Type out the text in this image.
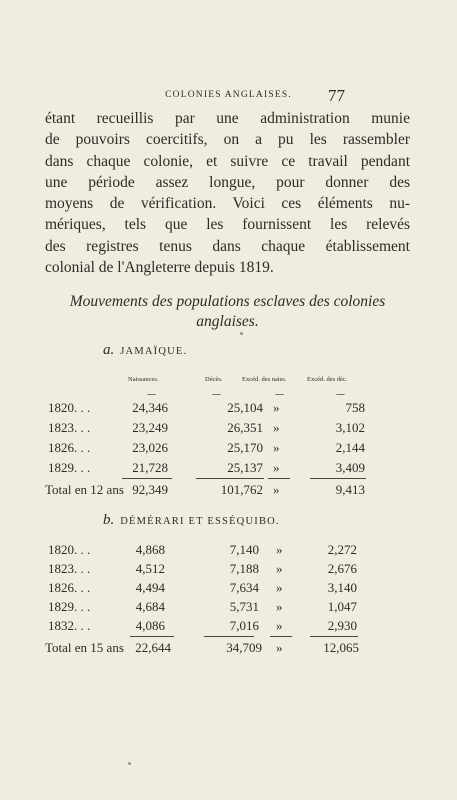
COLONIES ANGLAISES.	77
étant recueillis par une administration munie
de pouvoirs coercitifs, on a pu les rassembler
dans chaque colonie, et suivre ce travail pendant
une période assez longue, pour donner des
moyens de vérification. Voici ces éléments nu-
mériques, tels que les fournissent les relevés
des registres tenus dans chaque établissement
colonial de l'Angleterre depuis 1819.
Mouvements des populations esclaves des colonies
anglaises.
a. JAMAÏQUE.
Naissances.	Décès.	Excéd. des naiss.	Excéd. des déc.
—	—	—	—
1820. . .	24,346	25,104 »	758
1823. . .	23,249	26,351 »	3,102
1826. . .	23,026	25,170 »	2,144
1829. . .	21,728	25,137 »	3,409
Total en 12 ans 92,349	101,762 »	9,413
b. DÉMÉRARI ET ESSÉQUIBO.
1820. . .	4,868	7,140 »	2,272
1823. . .	4,512	7,188 »	2,676
1826. . .	4,494	7,634 »	3,140
1829. . .	4,684	5,731 »	1,047
1832. . .	4,086	7,016 »	2,930
Total en 15 ans 22,644	34,709 »	12,065
